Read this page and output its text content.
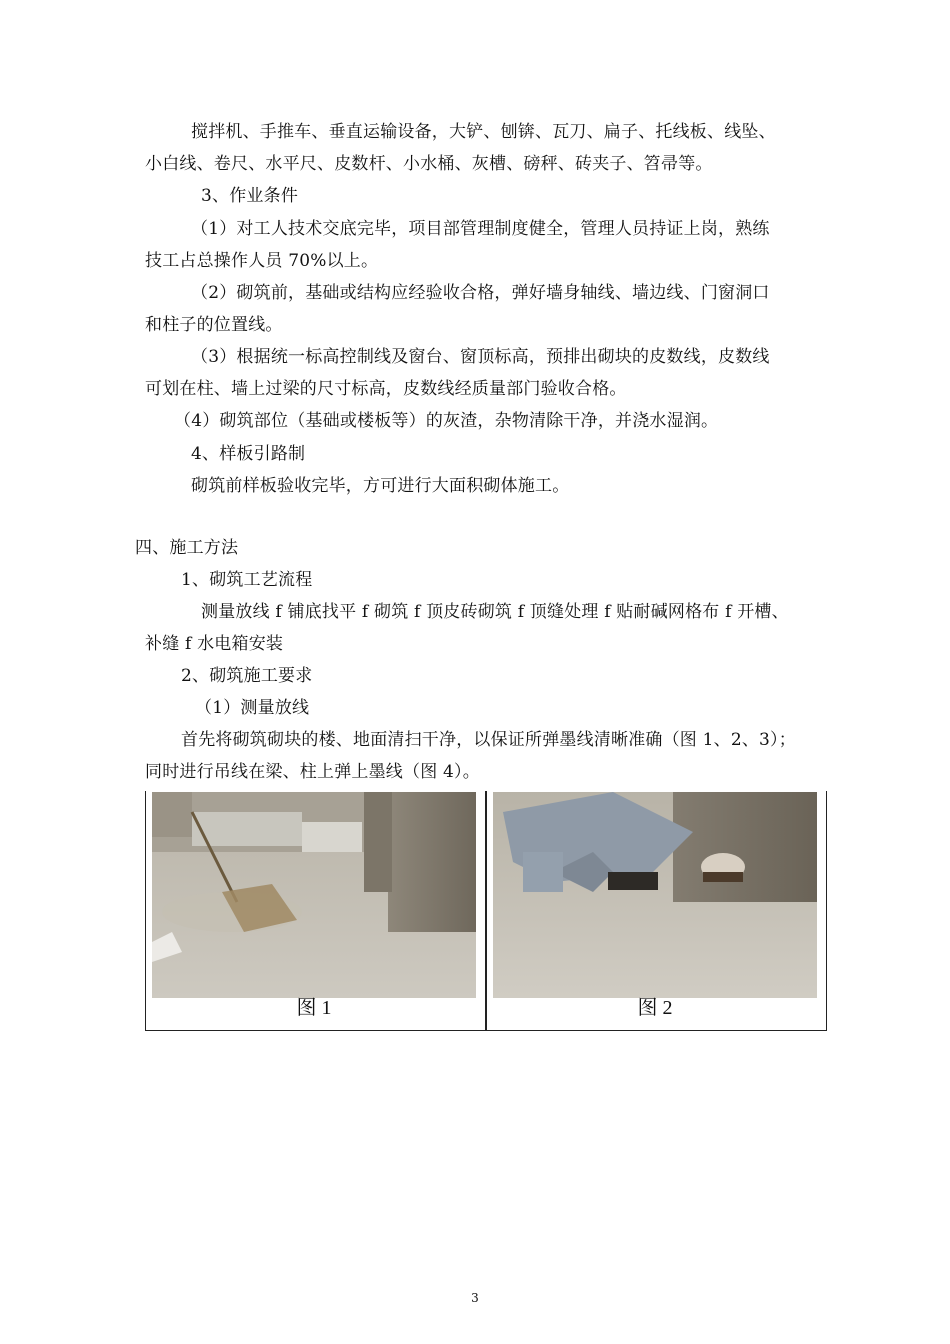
搅拌机、手推车、垂直运输设备，大铲、刨锛、瓦刀、扁子、托线板、线坠、
小白线、卷尺、水平尺、皮数杆、小水桶、灰槽、磅秤、砖夹子、笤帚等。
3、作业条件
（1）对工人技术交底完毕，项目部管理制度健全，管理人员持证上岗，熟练
技工占总操作人员 70%以上。
（2）砌筑前，基础或结构应经验收合格，弹好墙身轴线、墙边线、门窗洞口
和柱子的位置线。
（3）根据统一标高控制线及窗台、窗顶标高，预排出砌块的皮数线，皮数线
可划在柱、墙上过梁的尺寸标高，皮数线经质量部门验收合格。
（4）砌筑部位（基础或楼板等）的灰渣，杂物清除干净，并浇水湿润。
4、样板引路制
砌筑前样板验收完毕，方可进行大面积砌体施工。
四、施工方法
1、砌筑工艺流程
测量放线 f 铺底找平 f 砌筑 f 顶皮砖砌筑 f 顶缝处理 f 贴耐碱网格布 f 开槽、
补缝 f 水电箱安装
2、砌筑施工要求
（1）测量放线
首先将砌筑砌块的楼、地面清扫干净，以保证所弹墨线清晰准确（图 1、2、3）；
同时进行吊线在梁、柱上弹上墨线（图 4）。
图 1	图 2
3
